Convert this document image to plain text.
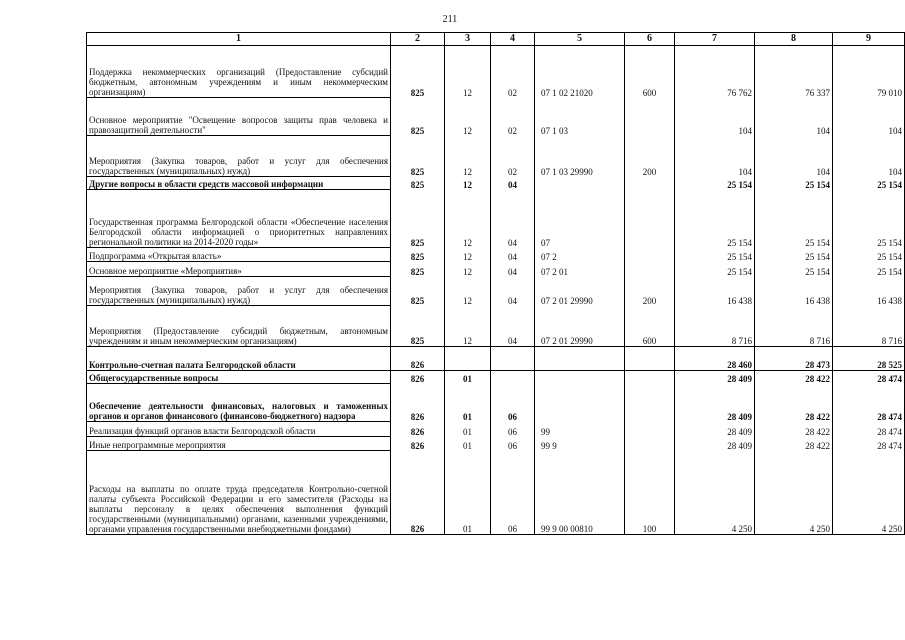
211
1	2	3	4	5	6	7	8	9
Поддержка некоммерческих организаций (Предоставление субсидий бюджетным, автономным учреждениям и иным некоммерческим организациям)	825	12	02	07 1 02 21020	600	76 762	76 337	79 010
Основное мероприятие "Освещение вопросов защиты прав человека и правозащитной деятельности"	825	12	02	07 1 03		104	104	104
Мероприятия (Закупка товаров, работ и услуг для обеспечения государственных (муниципальных) нужд)	825	12	02	07 1 03 29990	200	104	104	104
Другие вопросы в области средств массовой информации	825	12	04			25 154	25 154	25 154
Государственная программа Белгородской области «Обеспечение населения Белгородской области информацией о приоритетных направлениях региональной политики на 2014-2020 годы»	825	12	04	07		25 154	25 154	25 154
Подпрограмма «Открытая власть»	825	12	04	07 2		25 154	25 154	25 154
Основное мероприятие «Мероприятия»	825	12	04	07 2 01		25 154	25 154	25 154
Мероприятия (Закупка товаров, работ и услуг для обеспечения государственных (муниципальных) нужд)	825	12	04	07 2 01 29990	200	16 438	16 438	16 438
Мероприятия (Предоставление субсидий бюджетным, автономным учреждениям и иным некоммерческим организациям)	825	12	04	07 2 01 29990	600	8 716	8 716	8 716
Контрольно-счетная палата Белгородской области	826					28 460	28 473	28 525
Общегосударственные вопросы	826	01				28 409	28 422	28 474
Обеспечение деятельности финансовых, налоговых и таможенных органов и органов финансового (финансово-бюджетного) надзора	826	01	06			28 409	28 422	28 474
Реализация функций органов власти Белгородской области	826	01	06	99		28 409	28 422	28 474
Иные непрограммные мероприятия	826	01	06	99 9		28 409	28 422	28 474
Расходы на выплаты по оплате труда председателя Контрольно-счетной палаты субъекта Российской Федерации и его заместителя (Расходы на выплаты персоналу в целях обеспечения выполнения функций государственными (муниципальными) органами, казенными учреждениями, органами управления государственными внебюджетными фондами)	826	01	06	99 9 00 00810	100	4 250	4 250	4 250
